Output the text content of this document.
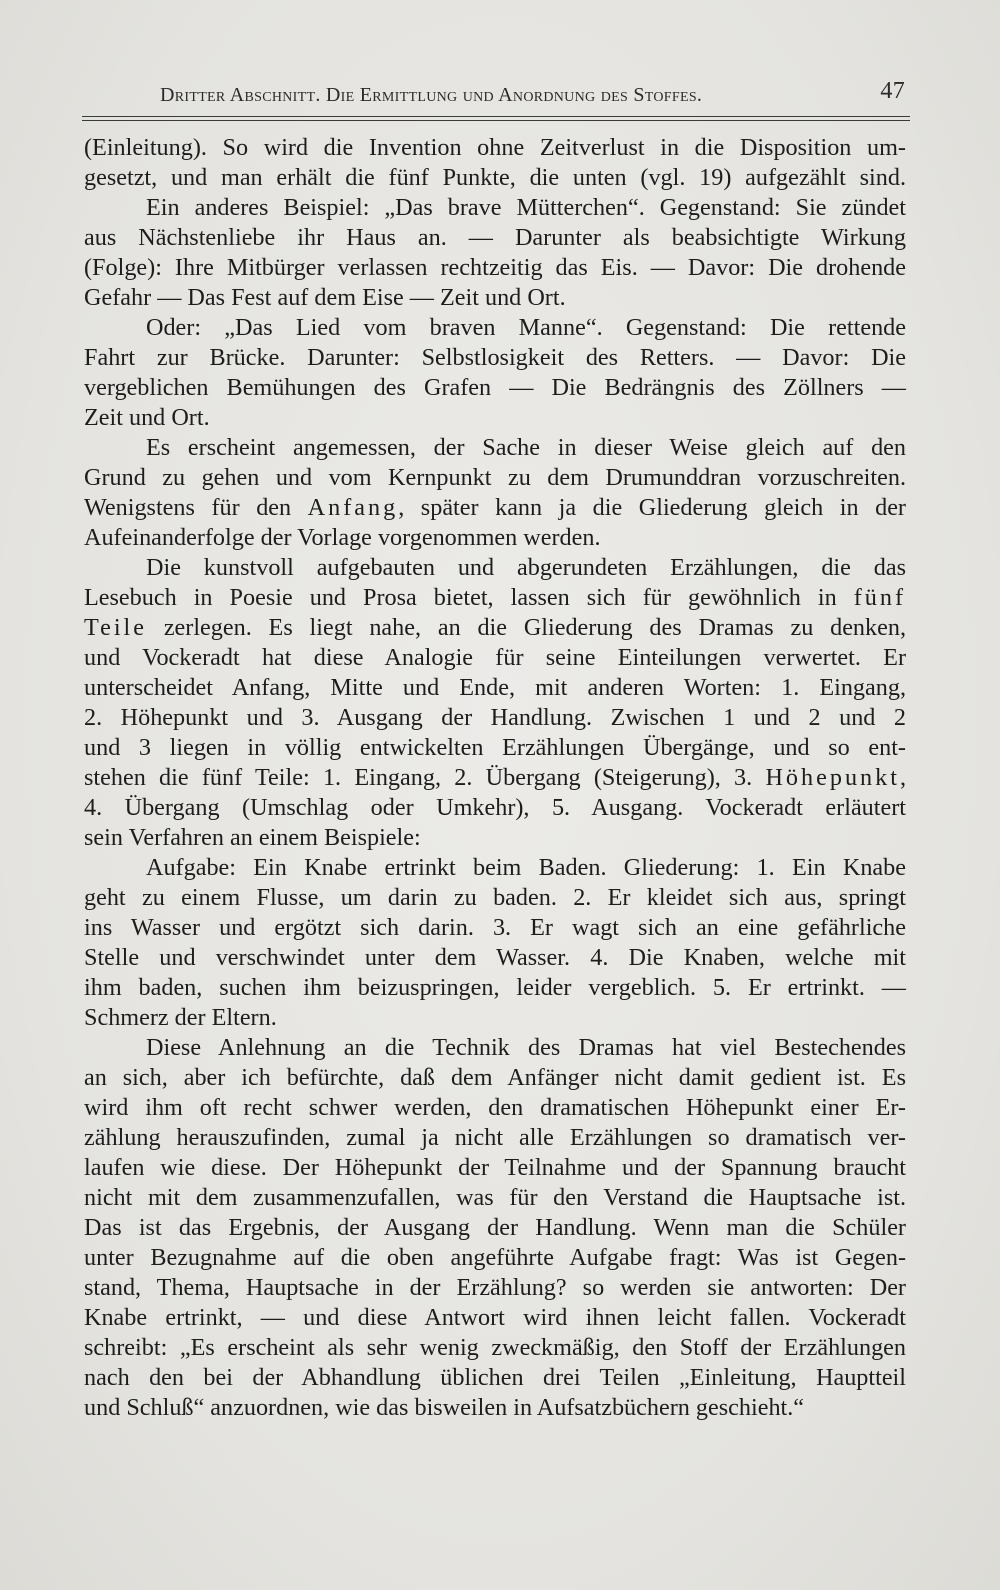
Dritter Abschnitt. Die Ermittlung und Anordnung des Stoffes.	47
(Einleitung). So wird die Invention ohne Zeitverlust in die Disposition um-
gesetzt, und man erhält die fünf Punkte, die unten (vgl. 19) aufgezählt sind.
Ein anderes Beispiel: „Das brave Mütterchen“. Gegenstand: Sie zündet
aus Nächstenliebe ihr Haus an. — Darunter als beabsichtigte Wirkung
(Folge): Ihre Mitbürger verlassen rechtzeitig das Eis. — Davor: Die drohende
Gefahr — Das Fest auf dem Eise — Zeit und Ort.
Oder: „Das Lied vom braven Manne“. Gegenstand: Die rettende
Fahrt zur Brücke. Darunter: Selbstlosigkeit des Retters. — Davor: Die
vergeblichen Bemühungen des Grafen — Die Bedrängnis des Zöllners —
Zeit und Ort.
Es erscheint angemessen, der Sache in dieser Weise gleich auf den
Grund zu gehen und vom Kernpunkt zu dem Drumunddran vorzuschreiten.
Wenigstens für den Anfang, später kann ja die Gliederung gleich in der
Aufeinanderfolge der Vorlage vorgenommen werden.
Die kunstvoll aufgebauten und abgerundeten Erzählungen, die das
Lesebuch in Poesie und Prosa bietet, lassen sich für gewöhnlich in fünf
Teile zerlegen. Es liegt nahe, an die Gliederung des Dramas zu denken,
und Vockeradt hat diese Analogie für seine Einteilungen verwertet. Er
unterscheidet Anfang, Mitte und Ende, mit anderen Worten: 1. Eingang,
2. Höhepunkt und 3. Ausgang der Handlung. Zwischen 1 und 2 und 2
und 3 liegen in völlig entwickelten Erzählungen Übergänge, und so ent-
stehen die fünf Teile: 1. Eingang, 2. Übergang (Steigerung), 3. Höhepunkt,
4. Übergang (Umschlag oder Umkehr), 5. Ausgang. Vockeradt erläutert
sein Verfahren an einem Beispiele:
Aufgabe: Ein Knabe ertrinkt beim Baden. Gliederung: 1. Ein Knabe
geht zu einem Flusse, um darin zu baden. 2. Er kleidet sich aus, springt
ins Wasser und ergötzt sich darin. 3. Er wagt sich an eine gefährliche
Stelle und verschwindet unter dem Wasser. 4. Die Knaben, welche mit
ihm baden, suchen ihm beizuspringen, leider vergeblich. 5. Er ertrinkt. —
Schmerz der Eltern.
Diese Anlehnung an die Technik des Dramas hat viel Bestechendes
an sich, aber ich befürchte, daß dem Anfänger nicht damit gedient ist. Es
wird ihm oft recht schwer werden, den dramatischen Höhepunkt einer Er-
zählung herauszufinden, zumal ja nicht alle Erzählungen so dramatisch ver-
laufen wie diese. Der Höhepunkt der Teilnahme und der Spannung braucht
nicht mit dem zusammenzufallen, was für den Verstand die Hauptsache ist.
Das ist das Ergebnis, der Ausgang der Handlung. Wenn man die Schüler
unter Bezugnahme auf die oben angeführte Aufgabe fragt: Was ist Gegen-
stand, Thema, Hauptsache in der Erzählung? so werden sie antworten: Der
Knabe ertrinkt, — und diese Antwort wird ihnen leicht fallen. Vockeradt
schreibt: „Es erscheint als sehr wenig zweckmäßig, den Stoff der Erzählungen
nach den bei der Abhandlung üblichen drei Teilen „Einleitung, Hauptteil
und Schluß“ anzuordnen, wie das bisweilen in Aufsatzbüchern geschieht.“
